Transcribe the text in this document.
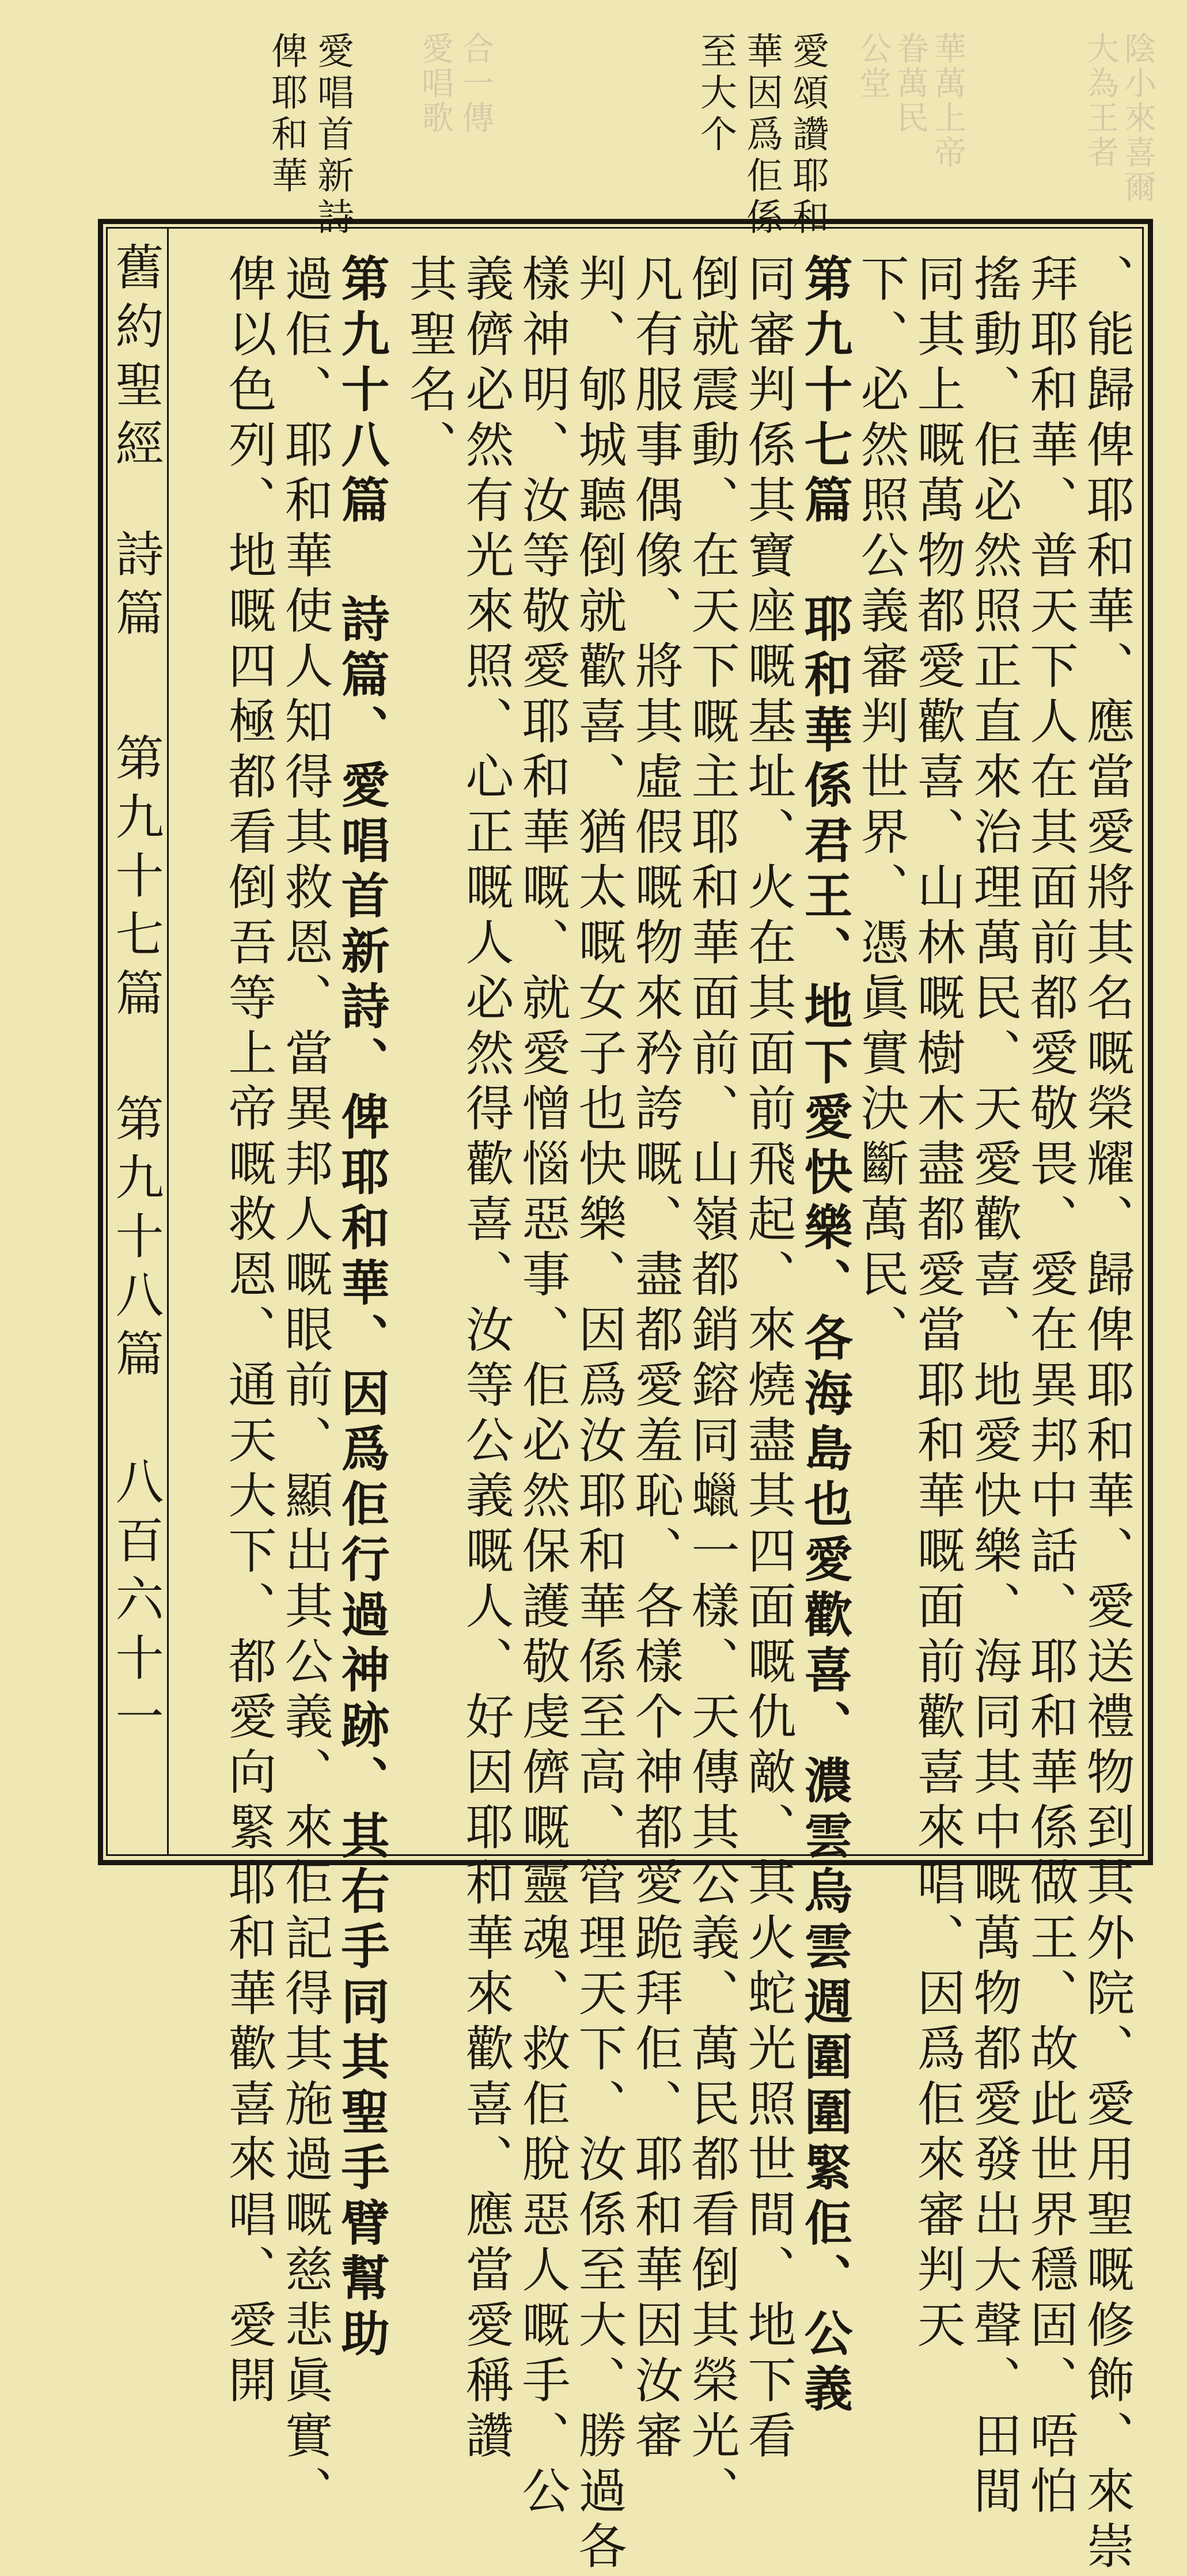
陰小來喜爾
大為王者
華萬上帝
眷萬民
公堂
合一傳
愛唱歌	愛頌讚耶和
華因爲佢係
至大个
愛唱首新詩
俾耶和華
舊約聖經詩篇第九十七篇 第九十八篇八百六十一	、能歸俾耶和華、應當愛將其名嘅榮耀、歸俾耶和華、愛送禮物到其外院、愛用聖嘅修飾、來崇
拜耶和華、普天下人在其面前都愛敬畏、愛在異邦中話、耶和華係做王、故此世界穩固、唔怕
搖動、佢必然照正直來治理萬民、天愛歡喜、地愛快樂、海同其中嘅萬物都愛發出大聲、田間
同其上嘅萬物都愛歡喜、山林嘅樹木盡都愛當耶和華嘅面前歡喜來唱、因爲佢來審判天
下、必然照公義審判世界、憑眞實決斷萬民、
第九十七篇 耶和華係君王、地下愛快樂、各海島也愛歡喜、濃雲烏雲週圍圍緊佢、公義
同審判係其寶座嘅基址、火在其面前飛起、來燒盡其四面嘅仇敵、其火蛇光照世間、地下看
倒就震動、在天下嘅主耶和華面前、山嶺都銷鎔同蠟一樣、天傳其公義、萬民都看倒其榮光、
凡有服事偶像、將其虛假嘅物來矜誇嘅、盡都愛羞恥、各樣个神都愛跪拜佢、耶和華因汝審
判、郇城聽倒就歡喜、猶太嘅女子也快樂、因爲汝耶和華係至高、管理天下、汝係至大、勝過各
樣神明、汝等敬愛耶和華嘅、就愛憎惱惡事、佢必然保護敬虔儕嘅靈魂、救佢脫惡人嘅手、公
義儕必然有光來照、心正嘅人必然得歡喜、汝等公義嘅人、好因耶和華來歡喜、應當愛稱讚
其聖名、
第九十八篇 詩篇、愛唱首新詩、俾耶和華、因爲佢行過神跡、其右手同其聖手臂幫助
過佢、耶和華使人知得其救恩、當異邦人嘅眼前、顯出其公義、來佢記得其施過嘅慈悲眞實、
俾以色列、地嘅四極都看倒吾等上帝嘅救恩、通天大下、都愛向緊耶和華歡喜來唱、愛開
